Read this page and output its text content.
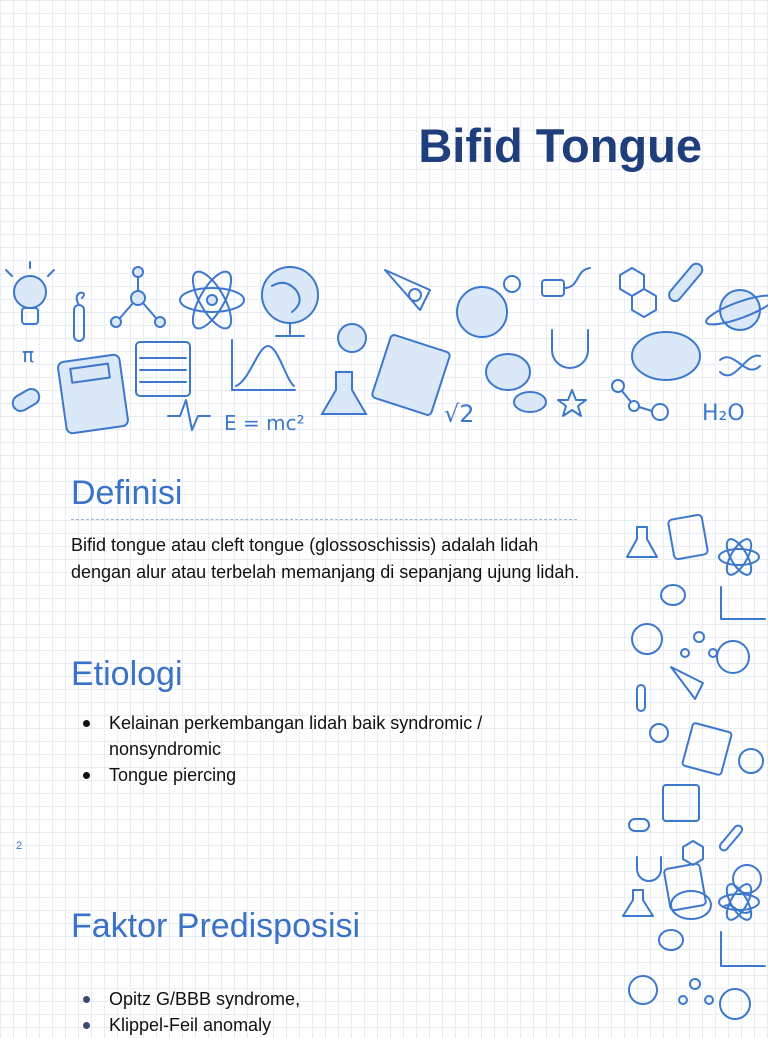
Bifid Tongue
π
E = mc²	√2	H₂O
Definisi

Bifid tongue atau cleft tongue (glossoschissis) adalah lidah dengan alur atau terbelah memanjang di sepanjang ujung lidah.

Etiologi
Kelainan perkembangan lidah baik syndromic / nonsyndromic
Tongue piercing
2
Faktor Predisposisi
Opitz G/BBB syndrome,
Klippel-Feil anomaly
